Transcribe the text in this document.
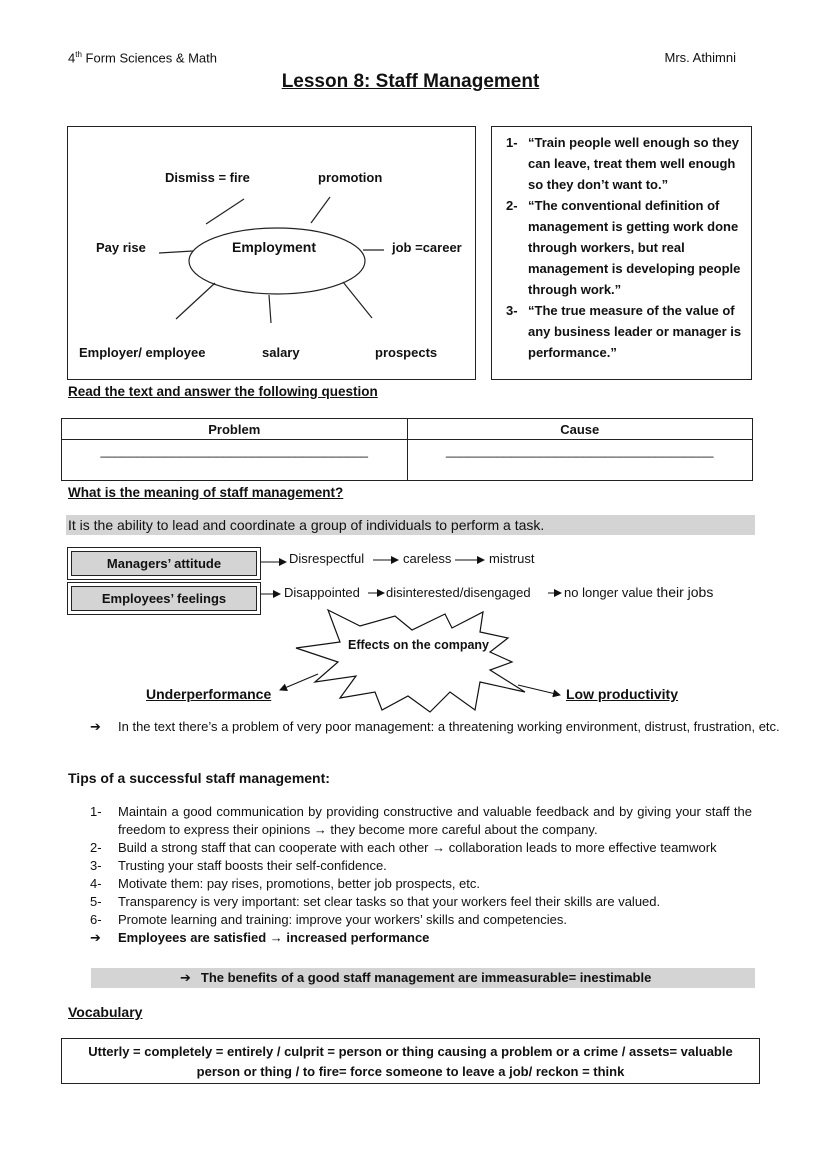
4th Form Sciences & Math	Mrs. Athimni
Lesson 8: Staff Management
Employment
Dismiss = fire	promotion
Pay rise	job =career
Employer/ employee	salary	prospects
1- “Train people well enough so they can leave, treat them well enough so they don’t want to.”
2- “The conventional definition of management is getting work done through workers, but real management is developing people through work.”
3- “The true measure of the value of any business leader or manager is performance.”
Read the text and answer the following question
Problem	Cause
_____________________________________	_____________________________________
What is the meaning of staff management?
It is the ability to lead and coordinate a group of individuals to perform a task.
Managers’ attitude
Employees’ feelings
Disrespectful	careless	mistrust
Disappointed disinterested/disengaged	no longer value their jobs
Effects on the company
Underperformance	Low productivity
➔ In the text there’s a problem of very poor management: a threatening working environment, distrust, frustration, etc.
Tips of a successful staff management:
1- Maintain a good communication by providing constructive and valuable feedback and by giving your staff the freedom to express their opinions → they become more careful about the company.
2- Build a strong staff that can cooperate with each other → collaboration leads to more effective teamwork
3- Trusting your staff boosts their self-confidence.
4- Motivate them: pay rises, promotions, better job prospects, etc.
5- Transparency is very important: set clear tasks so that your workers feel their skills are valued.
6- Promote learning and training: improve your workers’ skills and competencies.
➔ Employees are satisfied → increased performance
➔ The benefits of a good staff management are immeasurable= inestimable
Vocabulary
Utterly = completely = entirely / culprit = person or thing causing a problem or a crime / assets= valuable
person or thing / to fire= force someone to leave a job/ reckon = think
